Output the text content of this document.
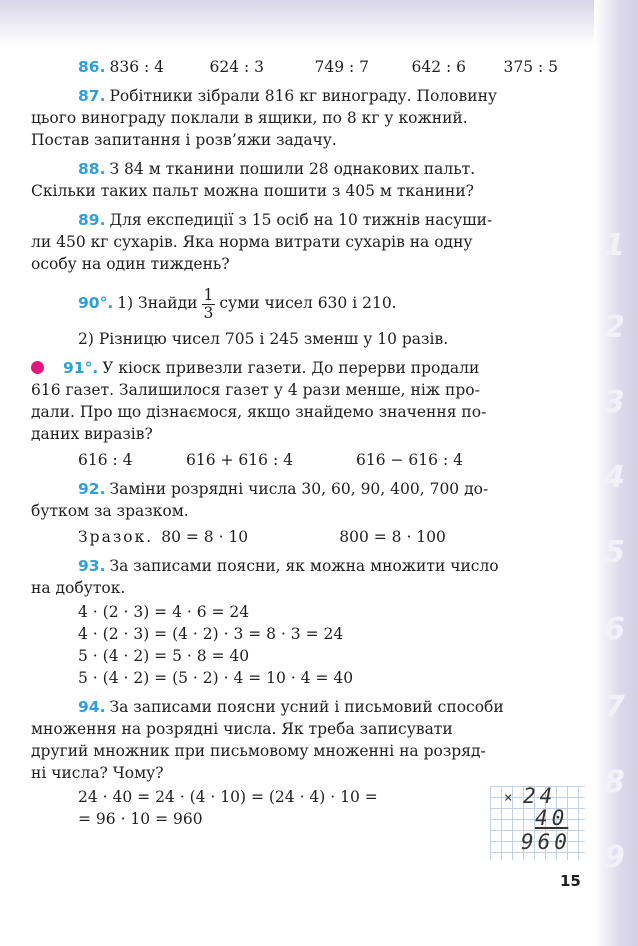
1
2
3
4
5
6
7
8
9
86. 836 : 4	624 : 3	749 : 7	642 : 6	375 : 5
87. Робітники зібрали 816 кг винограду. Половину
цього винограду поклали в ящики, по 8 кг у кожний.
Постав запитання і розв’яжи задачу.
88. З 84 м тканини пошили 28 однакових пальт.
Скільки таких пальт можна пошити з 405 м тканини?
89. Для експедиції з 15 осіб на 10 тижнів насуши-
ли 450 кг сухарів. Яка норма витрати сухарів на одну
особу на один тиждень?
90°. 1) Знайди $\frac{1}{3}$ суми чисел 630 і 210.
2) Різницю чисел 705 і 245 зменш у 10 разів.
91°. У кіоск привезли газети. До перерви продали
616 газет. Залишилося газет у 4 рази менше, ніж про-
дали. Про що дізнаємося, якщо знайдемо значення по-
даних виразів?
616 : 4	616 + 616 : 4	616 − 616 : 4
92. Заміни розрядні числа 30, 60, 90, 400, 700 до-
бутком за зразком.
Зразок. 80 = 8 · 10	800 = 8 · 100
93. За записами поясни, як можна множити число
на добуток.
4 · (2 · 3) = 4 · 6 = 24
4 · (2 · 3) = (4 · 2) · 3 = 8 · 3 = 24
5 · (4 · 2) = 5 · 8 = 40
5 · (4 · 2) = (5 · 2) · 4 = 10 · 4 = 40
94. За записами поясни усний і письмовий способи
множення на розрядні числа. Як треба записувати
другий множник при письмовому множенні на розряд-
ні числа? Чому?
24 · 40 = 24 · (4 · 10) = (24 · 4) · 10 =
= 96 · 10 = 960
× 24
40
960
15
